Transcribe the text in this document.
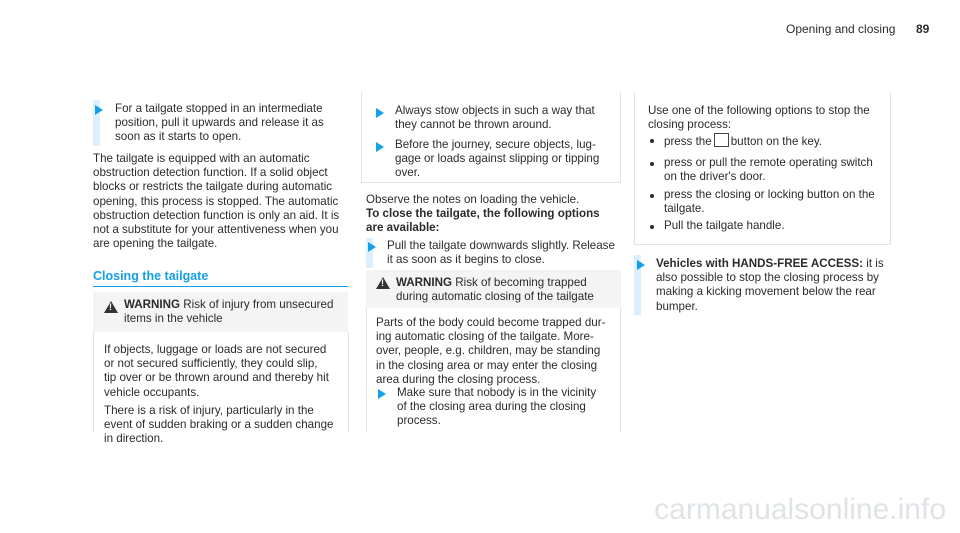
Opening and closing 89
For a tailgate stopped in an intermediate
position, pull it upwards and release it as
soon as it starts to open.
The tailgate is equipped with an automatic
obstruction detection function. If a solid object
blocks or restricts the tailgate during automatic
opening, this process is stopped. The automatic
obstruction detection function is only an aid. It is
not a substitute for your attentiveness when you
are opening the tailgate.
Closing the tailgate
!
WARNING Risk of injury from unsecured
items in the vehicle
If objects, luggage or loads are not secured
or not secured sufficiently, they could slip,
tip over or be thrown around and thereby hit
vehicle occupants.
There is a risk of injury, particularly in the
event of sudden braking or a sudden change
in direction.
Always stow objects in such a way that
they cannot be thrown around.
Before the journey, secure objects, lug-
gage or loads against slipping or tipping
over.
Observe the notes on loading the vehicle.
To close the tailgate, the following options
are available:
Pull the tailgate downwards slightly. Release
it as soon as it begins to close.
!
WARNING Risk of becoming trapped
during automatic closing of the tailgate
Parts of the body could become trapped dur-
ing automatic closing of the tailgate. More-
over, people, e.g. children, may be standing
in the closing area or may enter the closing
area during the closing process.
Make sure that nobody is in the vicinity
of the closing area during the closing
process.
Use one of the following options to stop the
closing process:
press the button on the key.
press or pull the remote operating switch
on the driver's door.
press the closing or locking button on the
tailgate.
Pull the tailgate handle.
Vehicles with HANDS-FREE ACCESS: it is
also possible to stop the closing process by
making a kicking movement below the rear
bumper.
carmanualsonline.info
